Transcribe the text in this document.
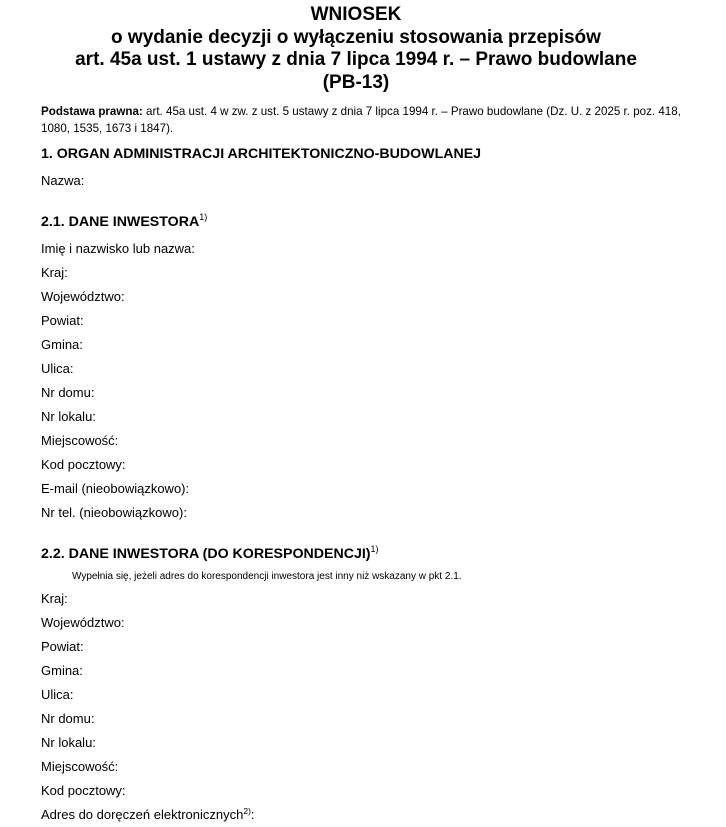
WNIOSEK
o wydanie decyzji o wyłączeniu stosowania przepisów
art. 45a ust. 1 ustawy z dnia 7 lipca 1994 r. – Prawo budowlane
(PB-13)
Podstawa prawna: art. 45a ust. 4 w zw. z ust. 5 ustawy z dnia 7 lipca 1994 r. – Prawo budowlane (Dz. U. z 2025 r. poz. 418, 1080, 1535, 1673 i 1847).
1. ORGAN ADMINISTRACJI ARCHITEKTONICZNO-BUDOWLANEJ
Nazwa:
2.1. DANE INWESTORA$^{1)}$
Imię i nazwisko lub nazwa:
Kraj:
Województwo:
Powiat:
Gmina:
Ulica:
Nr domu:
Nr lokalu:
Miejscowość:
Kod pocztowy:
E-mail (nieobowiązkowo):
Nr tel. (nieobowiązkowo):
2.2. DANE INWESTORA (DO KORESPONDENCJI)$^{1)}$
Wypełnia się, jeżeli adres do korespondencji inwestora jest inny niż wskazany w pkt 2.1.
Kraj:
Województwo:
Powiat:
Gmina:
Ulica:
Nr domu:
Nr lokalu:
Miejscowość:
Kod pocztowy:
Adres do doręczeń elektronicznych$^{2)}$:
